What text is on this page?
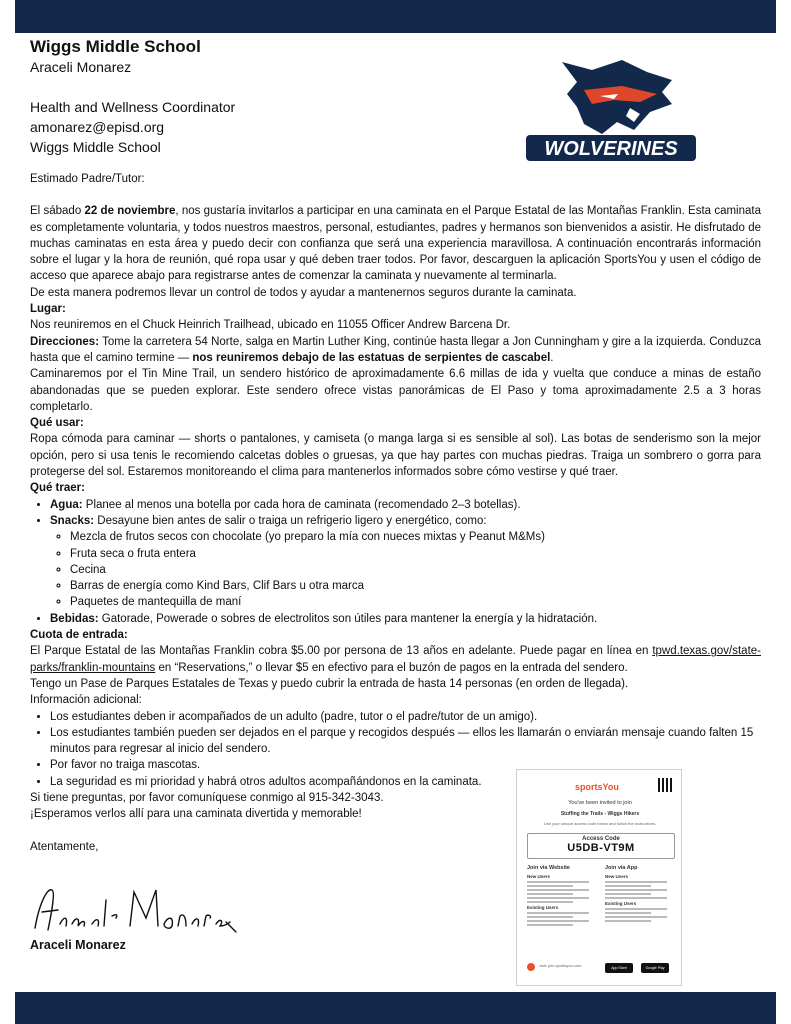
Wiggs Middle School
Araceli Monarez
Health and Wellness Coordinator
amonarez@episd.org
Wiggs Middle School	WOLVERINES

Estimado Padre/Tutor:

El sábado 22 de noviembre, nos gustaría invitarlos a participar en una caminata en el Parque Estatal de las Montañas Franklin. Esta caminata es completamente voluntaria, y todos nuestros maestros, personal, estudiantes, padres y hermanos son bienvenidos a asistir. He disfrutado de muchas caminatas en esta área y puedo decir con confianza que será una experiencia maravillosa. A continuación encontrarás información sobre el lugar y la hora de reunión, qué ropa usar y qué deben traer todos. Por favor, descarguen la aplicación SportsYou y usen el código de acceso que aparece abajo para registrarse antes de comenzar la caminata y nuevamente al terminarla.

De esta manera podremos llevar un control de todos y ayudar a mantenernos seguros durante la caminata.

Lugar:

Nos reuniremos en el Chuck Heinrich Trailhead, ubicado en 11055 Officer Andrew Barcena Dr.

Direcciones: Tome la carretera 54 Norte, salga en Martin Luther King, continúe hasta llegar a Jon Cunningham y gire a la izquierda. Conduzca hasta que el camino termine — nos reuniremos debajo de las estatuas de serpientes de cascabel.

Caminaremos por el Tin Mine Trail, un sendero histórico de aproximadamente 6.6 millas de ida y vuelta que conduce a minas de estaño abandonadas que se pueden explorar. Este sendero ofrece vistas panorámicas de El Paso y toma aproximadamente 2.5 a 3 horas completarlo.

Qué usar:

Ropa cómoda para caminar — shorts o pantalones, y camiseta (o manga larga si es sensible al sol). Las botas de senderismo son la mejor opción, pero si usa tenis le recomiendo calcetas dobles o gruesas, ya que hay partes con muchas piedras. Traiga un sombrero o gorra para protegerse del sol. Estaremos monitoreando el clima para mantenerlos informados sobre cómo vestirse y qué traer.

Qué traer:

• Agua: Planee al menos una botella por cada hora de caminata (recomendado 2–3 botellas).
• Snacks: Desayune bien antes de salir o traiga un refrigerio ligero y energético, como:
◦ Mezcla de frutos secos con chocolate (yo preparo la mía con nueces mixtas y Peanut M&Ms)
◦ Fruta seca o fruta entera
◦ Cecina
◦ Barras de energía como Kind Bars, Clif Bars u otra marca
◦ Paquetes de mantequilla de maní
• Bebidas: Gatorade, Powerade o sobres de electrolitos son útiles para mantener la energía y la hidratación.

Cuota de entrada:

El Parque Estatal de las Montañas Franklin cobra $5.00 por persona de 13 años en adelante. Puede pagar en línea en tpwd.texas.gov/state-parks/franklin-mountains en “Reservations,” o llevar $5 en efectivo para el buzón de pagos en la entrada del sendero.

Tengo un Pase de Parques Estatales de Texas y puedo cubrir la entrada de hasta 14 personas (en orden de llegada).

Información adicional:

• Los estudiantes deben ir acompañados de un adulto (padre, tutor o el padre/tutor de un amigo).
• Los estudiantes también pueden ser dejados en el parque y recogidos después — ellos les llamarán o enviarán mensaje cuando falten 15 minutos para regresar al inicio del sendero.
• Por favor no traiga mascotas.
• La seguridad es mi prioridad y habrá otros adultos acompañándonos en la caminata.

Si tiene preguntas, por favor comuníquese conmigo al 915-342-3043.

¡Esperamos verlos allí para una caminata divertida y memorable!

Atentamente,

Araceli Monarez
sportsYou
You've been invited to join
Stuffing the Trails - Wiggs Hikers
Use your unique access code below and follow the instructions.
Access Code
U5DB-VT9M
Join via Website
New Users
Existing Users
Join via App
New Users
Existing Users
visit: join.sportsyou.com	App Store	Google Play
